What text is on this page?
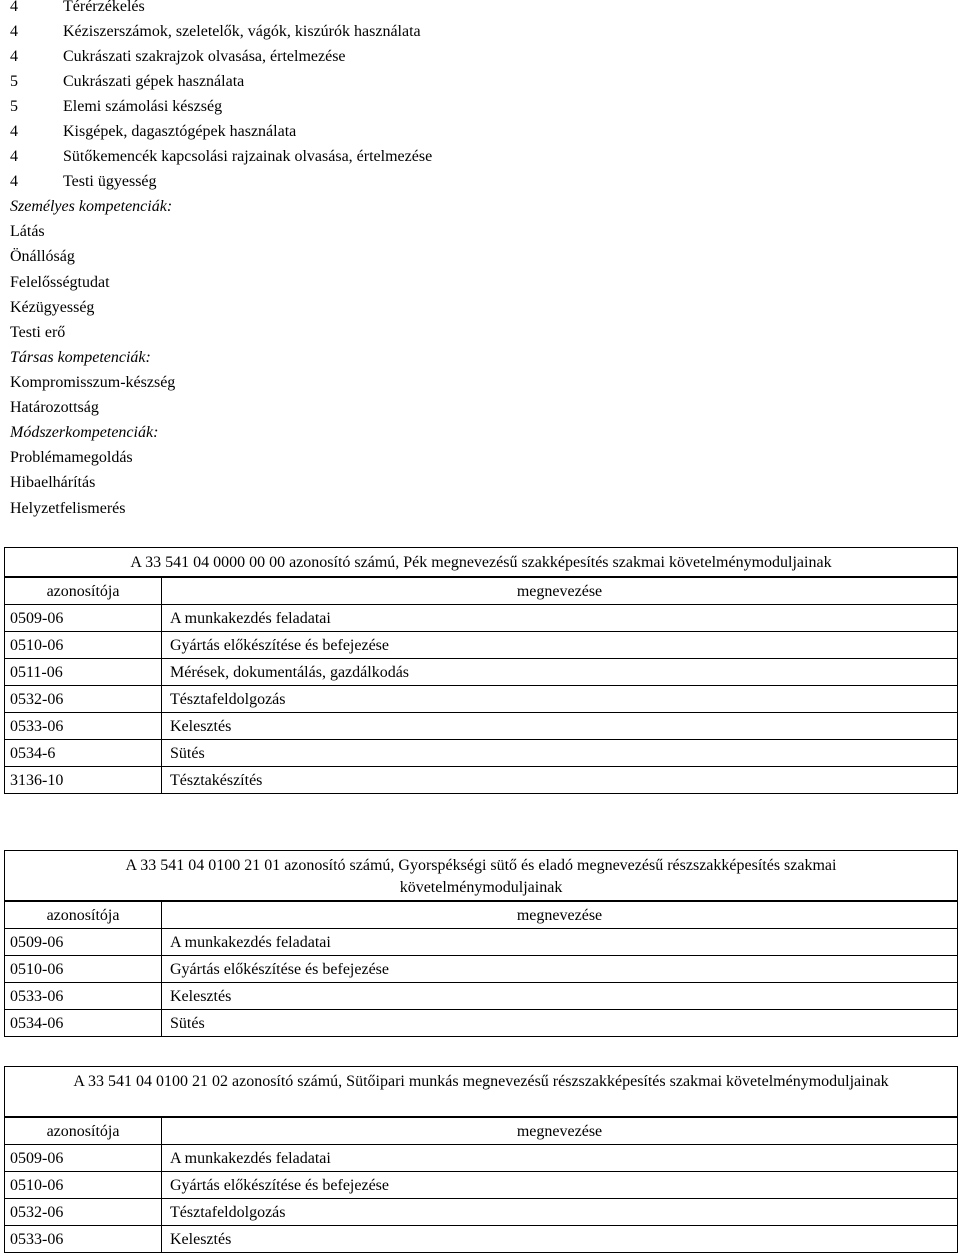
4	Térérzékelés
4	Kéziszerszámok, szeletelők, vágók, kiszúrók használata
4	Cukrászati szakrajzok olvasása, értelmezése
5	Cukrászati gépek használata
5	Elemi számolási készség
4	Kisgépek, dagasztógépek használata
4	Sütőkemencék kapcsolási rajzainak olvasása, értelmezése
4	Testi ügyesség
Személyes kompetenciák:
Látás
Önállóság
Felelősségtudat
Kézügyesség
Testi erő
Társas kompetenciák:
Kompromisszum-készség
Határozottság
Módszerkompetenciák:
Problémamegoldás
Hibaelhárítás
Helyzetfelismerés
A 33 541 04 0000 00 00 azonosító számú, Pék megnevezésű szakképesítés szakmai követelménymoduljainak
azonosítója	megnevezése
0509-06	A munkakezdés feladatai
0510-06	Gyártás előkészítése és befejezése
0511-06	Mérések, dokumentálás, gazdálkodás
0532-06	Tésztafeldolgozás
0533-06	Kelesztés
0534-6	Sütés
3136-10	Tésztakészítés
A 33 541 04 0100 21 01 azonosító számú, Gyorspékségi sütő és eladó megnevezésű részszakképesítés szakmai követelménymoduljainak
azonosítója	megnevezése
0509-06	A munkakezdés feladatai
0510-06	Gyártás előkészítése és befejezése
0533-06	Kelesztés
0534-06	Sütés
A 33 541 04 0100 21 02 azonosító számú, Sütőipari munkás megnevezésű részszakképesítés szakmai követelménymoduljainak
azonosítója	megnevezése
0509-06	A munkakezdés feladatai
0510-06	Gyártás előkészítése és befejezése
0532-06	Tésztafeldolgozás
0533-06	Kelesztés
